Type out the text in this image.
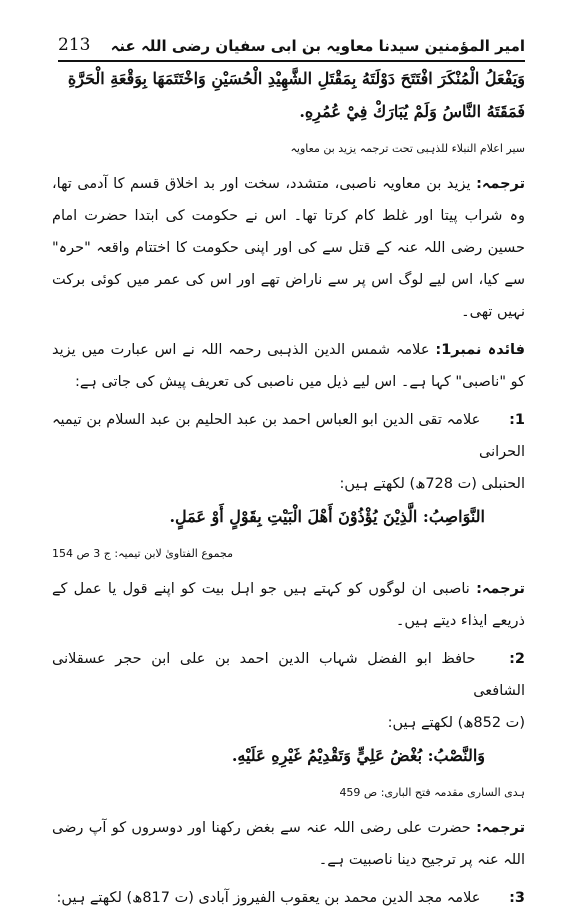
امیر المؤمنین سیدنا معاویہ بن ابی سفیان رضی اللہ عنہ
213

وَيَفْعَلُ الْمُنْكَرَ افْتَتَحَ دَوْلَتَهُ بِمَقْتَلِ الشَّهِيْدِ الْحُسَيْنِ وَاخْتَتَمَهَا بِوَقْعَةِ الْحَرَّةِ

فَمَقَتَهُ النَّاسُ وَلَمْ يُبَارَكْ فِيْ عُمُرِهِ.

سیر اعلام النبلاء للذہبی تحت ترجمہ یزید بن معاویہ

ترجمہ: یزید بن معاویہ ناصبی، متشدد، سخت اور بد اخلاق قسم کا آدمی تھا، وہ شراب پیتا اور غلط کام کرتا تھا۔ اس نے حکومت کی ابتدا حضرت امام حسین رضی اللہ عنہ کے قتل سے کی اور اپنی حکومت کا اختتام واقعہ "حرہ" سے کیا، اس لیے لوگ اس پر سے ناراض تھے اور اس کی عمر میں کوئی برکت نہیں تھی۔

فائدہ نمبر1: علامہ شمس الدین الذہبی رحمہ اللہ نے اس عبارت میں یزید کو "ناصبی" کہا ہے۔ اس لیے ذیل میں ناصبی کی تعریف پیش کی جاتی ہے:

1: علامہ تقی الدین ابو العباس احمد بن عبد الحلیم بن عبد السلام بن تیمیہ الحرانی

الحنبلی (ت 728ھ) لکھتے ہیں:

النَّوَاصِبُ: الَّذِيْنَ يُؤْذُوْنَ أَهْلَ الْبَيْتِ بِقَوْلٍ أَوْ عَمَلٍ.

مجموع الفتاویٰ لابن تیمیہ: ج 3 ص 154

ترجمہ: ناصبی ان لوگوں کو کہتے ہیں جو اہل بیت کو اپنے قول یا عمل کے ذریعے ایذاء دیتے ہیں۔

2: حافظ ابو الفضل شہاب الدین احمد بن علی ابن حجر عسقلانی الشافعی

(ت 852ھ) لکھتے ہیں:

وَالنَّصْبُ: بُغْضُ عَلِيٍّ وَتَقْدِيْمُ غَيْرِهِ عَلَيْهِ.

ہدی الساری مقدمہ فتح الباری: ص 459

ترجمہ: حضرت علی رضی اللہ عنہ سے بغض رکھنا اور دوسروں کو آپ رضی اللہ عنہ پر ترجیح دینا ناصبیت ہے۔

3: علامہ مجد الدین محمد بن یعقوب الفیروز آبادی (ت 817ھ) لکھتے ہیں:
